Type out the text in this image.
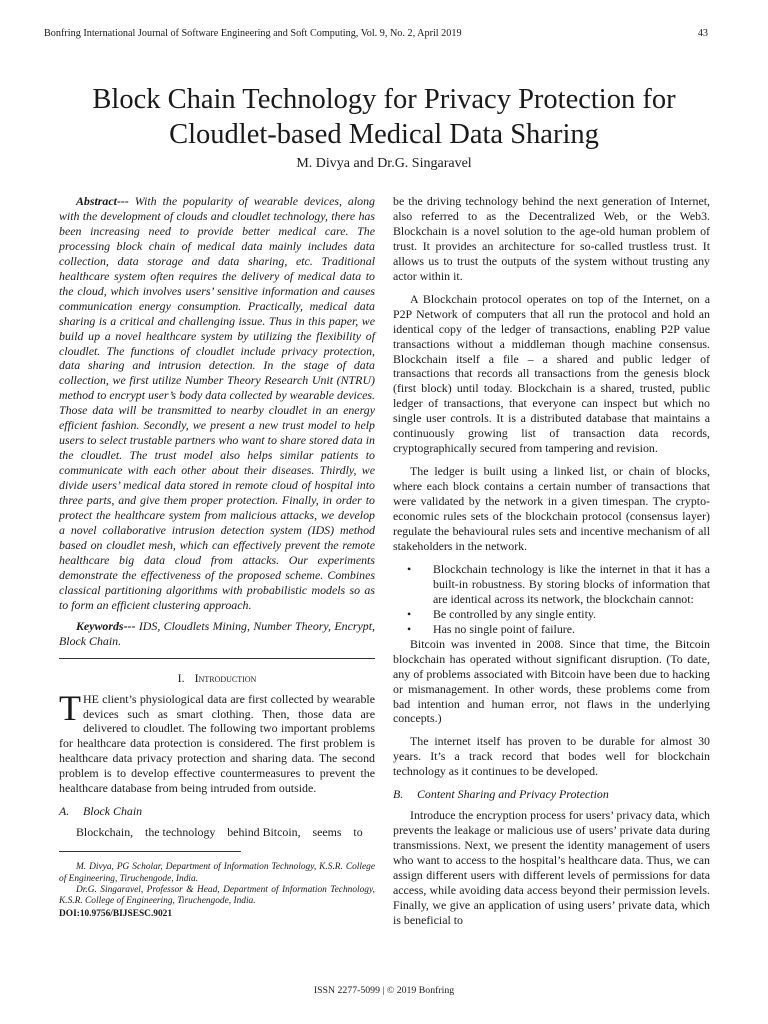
Bonfring International Journal of Software Engineering and Soft Computing, Vol. 9, No. 2, April 2019	43
Block Chain Technology for Privacy Protection for
Cloudlet-based Medical Data Sharing
M. Divya and Dr.G. Singaravel

Abstract--- With the popularity of wearable devices, along with the development of clouds and cloudlet technology, there has been increasing need to provide better medical care. The processing block chain of medical data mainly includes data collection, data storage and data sharing, etc. Traditional healthcare system often requires the delivery of medical data to the cloud, which involves users’ sensitive information and causes communication energy consumption. Practically, medical data sharing is a critical and challenging issue. Thus in this paper, we build up a novel healthcare system by utilizing the flexibility of cloudlet. The functions of cloudlet include privacy protection, data sharing and intrusion detection. In the stage of data collection, we first utilize Number Theory Research Unit (NTRU) method to encrypt user’s body data collected by wearable devices. Those data will be transmitted to nearby cloudlet in an energy efficient fashion. Secondly, we present a new trust model to help users to select trustable partners who want to share stored data in the cloudlet. The trust model also helps similar patients to communicate with each other about their diseases. Thirdly, we divide users’ medical data stored in remote cloud of hospital into three parts, and give them proper protection. Finally, in order to protect the healthcare system from malicious attacks, we develop a novel collaborative intrusion detection system (IDS) method based on cloudlet mesh, which can effectively prevent the remote healthcare big data cloud from attacks. Our experiments demonstrate the effectiveness of the proposed scheme. Combines classical partitioning algorithms with probabilistic models so as to form an efficient clustering approach.

Keywords--- IDS, Cloudlets Mining, Number Theory, Encrypt, Block Chain.

I. Introduction

THE client’s physiological data are first collected by wearable devices such as smart clothing. Then, those data are delivered to cloudlet. The following two important problems for healthcare data protection is considered. The first problem is healthcare data privacy protection and sharing data. The second problem is to develop effective countermeasures to prevent the healthcare database from being intruded from outside.

A. Block Chain

Blockchain,    the technology    behind Bitcoin,    seems    to

M. Divya, PG Scholar, Department of Information Technology, K.S.R. College of Engineering, Tiruchengode, India.

Dr.G. Singaravel, Professor & Head, Department of Information Technology, K.S.R. College of Engineering, Tiruchengode, India.

DOI:10.9756/BIJSESC.9021

be the driving technology behind the next generation of Internet, also referred to as the Decentralized Web, or the Web3. Blockchain is a novel solution to the age-old human problem of trust. It provides an architecture for so-called trustless trust. It allows us to trust the outputs of the system without trusting any actor within it.

A Blockchain protocol operates on top of the Internet, on a P2P Network of computers that all run the protocol and hold an identical copy of the ledger of transactions, enabling P2P value transactions without a middleman though machine consensus. Blockchain itself a file – a shared and public ledger of transactions that records all transactions from the genesis block (first block) until today. Blockchain is a shared, trusted, public ledger of transactions, that everyone can inspect but which no single user controls. It is a distributed database that maintains a continuously growing list of transaction data records, cryptographically secured from tampering and revision.

The ledger is built using a linked list, or chain of blocks, where each block contains a certain number of transactions that were validated by the network in a given timespan. The crypto-economic rules sets of the blockchain protocol (consensus layer) regulate the behavioural rules sets and incentive mechanism of all stakeholders in the network.

• Blockchain technology is like the internet in that it has a built-in robustness. By storing blocks of information that are identical across its network, the blockchain cannot:
• Be controlled by any single entity.
• Has no single point of failure.

Bitcoin was invented in 2008. Since that time, the Bitcoin blockchain has operated without significant disruption. (To date, any of problems associated with Bitcoin have been due to hacking or mismanagement. In other words, these problems come from bad intention and human error, not flaws in the underlying concepts.)

The internet itself has proven to be durable for almost 30 years. It’s a track record that bodes well for blockchain technology as it continues to be developed.

B. Content Sharing and Privacy Protection

Introduce the encryption process for users’ privacy data, which prevents the leakage or malicious use of users’ private data during transmissions. Next, we present the identity management of users who want to access to the hospital’s healthcare data. Thus, we can assign different users with different levels of permissions for data access, while avoiding data access beyond their permission levels. Finally, we give an application of using users’ private data, which is beneficial to

ISSN 2277-5099 | © 2019 Bonfring
